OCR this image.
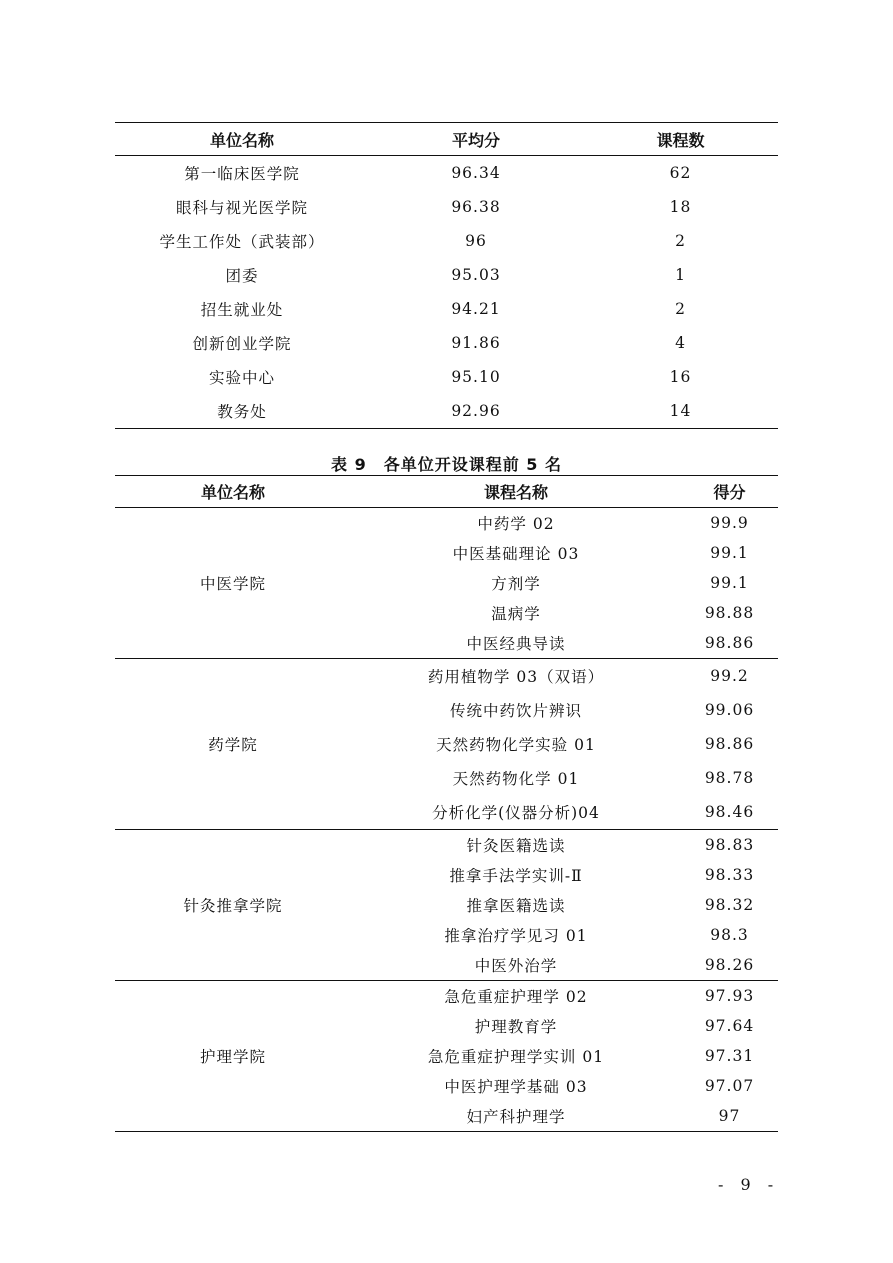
单位名称	平均分	课程数
第一临床医学院	96.34	62
眼科与视光医学院	96.38	18
学生工作处（武装部）	96	2
团委	95.03	1
招生就业处	94.21	2
创新创业学院	91.86	4
实验中心	95.10	16
教务处	92.96	14
表 9　各单位开设课程前 5 名
单位名称	课程名称	得分
中医学院	中药学 02	99.9
	中医基础理论 03	99.1
	方剂学	99.1
	温病学	98.88
	中医经典导读	98.86
药学院	药用植物学 03（双语）	99.2
	传统中药饮片辨识	99.06
	天然药物化学实验 01	98.86
	天然药物化学 01	98.78
	分析化学(仪器分析)04	98.46
针灸推拿学院	针灸医籍选读	98.83
	推拿手法学实训-Ⅱ	98.33
	推拿医籍选读	98.32
	推拿治疗学见习 01	98.3
	中医外治学	98.26
护理学院	急危重症护理学 02	97.93
	护理教育学	97.64
	急危重症护理学实训 01	97.31
	中医护理学基础 03	97.07
	妇产科护理学	97
- 9 -
